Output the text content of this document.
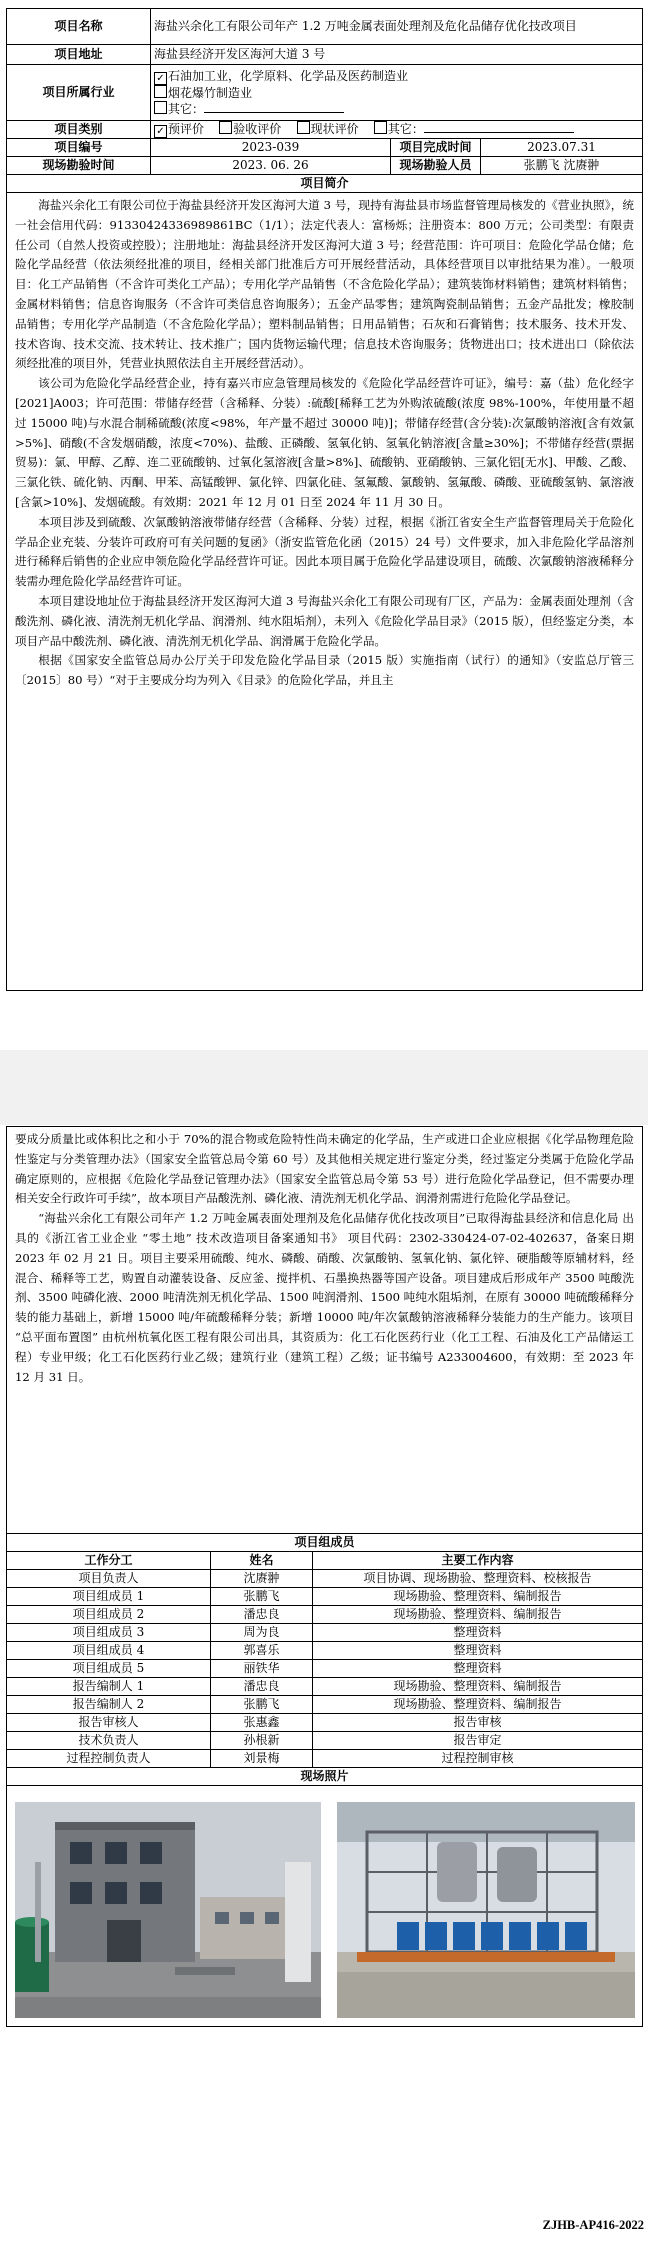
项目名称	海盐兴余化工有限公司年产 1.2 万吨金属表面处理剂及危化品储存优化技改项目		
项目地址	海盐县经济开发区海河大道 3 号		
项目所属行业	✓ 石油加工业，化学原料、化学品及医药制造业
烟花爆竹制造业
其它：		

项目类别	✓ 预评价 验收评价 现状评价 其它：		
项目编号	2023-039	项目完成时间	2023.07.31
现场勘验时间	2023. 06. 26	现场勘验人员	张鹏飞 沈赓翀
项目简介			

海盐兴余化工有限公司位于海盐县经济开发区海河大道 3 号，现持有海盐县市场监督管理局核发的《营业执照》，统一社会信用代码：91330424336989861BC（1/1）；法定代表人：富杨烁；注册资本：800 万元；公司类型：有限责任公司（自然人投资或控股）；注册地址：海盐县经济开发区海河大道 3 号；经营范围：许可项目：危险化学品仓储；危险化学品经营（依法须经批准的项目，经相关部门批准后方可开展经营活动，具体经营项目以审批结果为准）。一般项目：化工产品销售（不含许可类化工产品）；专用化学产品销售（不含危险化学品）；建筑装饰材料销售；建筑材料销售；金属材料销售；信息咨询服务（不含许可类信息咨询服务）；五金产品零售；建筑陶瓷制品销售；五金产品批发；橡胶制品销售；专用化学产品制造（不含危险化学品）；塑料制品销售；日用品销售；石灰和石膏销售；技术服务、技术开发、技术咨询、技术交流、技术转让、技术推广；国内货物运输代理；信息技术咨询服务；货物进出口；技术进出口（除依法须经批准的项目外，凭营业执照依法自主开展经营活动）。

该公司为危险化学品经营企业，持有嘉兴市应急管理局核发的《危险化学品经营许可证》，编号：嘉（盐）危化经字[2021]A003；许可范围：带储存经营（含稀释、分装）:硫酸[稀释工艺为外购浓硫酸(浓度 98%-100%，年使用量不超过 15000 吨)与水混合制稀硫酸(浓度<98%，年产量不超过 30000 吨)]；带储存经营(含分装):次氯酸钠溶液[含有效氯>5%]、硝酸(不含发烟硝酸，浓度<70%)、盐酸、正磷酸、氢氧化钠、氢氧化钠溶液[含量≥30%]；不带储存经营(票据贸易)：氯、甲醇、乙醇、连二亚硫酸钠、过氧化氢溶液[含量>8%]、硫酸钠、亚硝酸钠、三氯化铝[无水]、甲酸、乙酸、三氯化铁、硫化钠、丙酮、甲苯、高锰酸钾、氯化锌、四氯化硅、氢氟酸、氯酸钠、氢氟酸、磷酸、亚硫酸氢钠、氯溶液[含氯>10%]、发烟硫酸。有效期：2021 年 12 月 01 日至 2024 年 11 月 30 日。

本项目涉及到硫酸、次氯酸钠溶液带储存经营（含稀释、分装）过程，根据《浙江省安全生产监督管理局关于危险化学品企业充装、分装许可政府可有关问题的复函》（浙安监管危化函（2015）24 号）文件要求，加入非危险化学品溶剂进行稀释后销售的企业应申领危险化学品经营许可证。因此本项目属于危险化学品建设项目，硫酸、次氯酸钠溶液稀释分装需办理危险化学品经营许可证。

本项目建设地址位于海盐县经济开发区海河大道 3 号海盐兴余化工有限公司现有厂区，产品为：金属表面处理剂（含酸洗剂、磷化液、清洗剂无机化学品、润滑剂、纯水阻垢剂），未列入《危险化学品目录》（2015 版），但经鉴定分类，本项目产品中酸洗剂、磷化液、清洗剂无机化学品、润滑属于危险化学品。

根据《国家安全监管总局办公厅关于印发危险化学品目录（2015 版）实施指南（试行）的通知》（安监总厅管三〔2015〕80 号）“对于主要成分均为列入《目录》的危险化学品，并且主			

要成分质量比或体积比之和小于 70%的混合物或危险特性尚未确定的化学品，生产或进口企业应根据《化学品物理危险性鉴定与分类管理办法》（国家安全监管总局令第 60 号）及其他相关规定进行鉴定分类，经过鉴定分类属于危险化学品确定原则的，应根据《危险化学品登记管理办法》（国家安全监管总局令第 53 号）进行危险化学品登记，但不需要办理相关安全行政许可手续”，故本项目产品酸洗剂、磷化液、清洗剂无机化学品、润滑剂需进行危险化学品登记。

“海盐兴余化工有限公司年产 1.2 万吨金属表面处理剂及危化品储存优化技改项目”已取得海盐县经济和信息化局 出具的《浙江省工业企业 “零土地” 技术改造项目备案通知书》 项目代码：2302-330424-07-02-402637，备案日期 2023 年 02 月 21 日。项目主要采用硫酸、纯水、磷酸、硝酸、次氯酸钠、氢氧化钠、氯化锌、硬脂酸等原辅材料，经混合、稀释等工艺，购置自动灌装设备、反应釜、搅拌机、石墨换热器等国产设备。项目建成后形成年产 3500 吨酸洗剂、3500 吨磷化液、2000 吨清洗剂无机化学品、1500 吨润滑剂、1500 吨纯水阻垢剂，在原有 30000 吨硫酸稀释分装的能力基础上，新增 15000 吨/年硫酸稀释分装；新增 10000 吨/年次氯酸钠溶液稀释分装能力的生产能力。该项目 “总平面布置图” 由杭州杭氧化医工程有限公司出具，其资质为：化工石化医药行业（化工工程、石油及化工产品储运工程）专业甲级；化工石化医药行业乙级；建筑行业（建筑工程）乙级；证书编号 A233004600，有效期：至 2023 年 12 月 31 日。		

项目组成员		
工作分工	姓名	主要工作内容
项目负责人	沈赓翀	项目协调、现场勘验、整理资料、校核报告
项目组成员 1	张鹏飞	现场勘验、整理资料、编制报告
项目组成员 2	潘忠良	现场勘验、整理资料、编制报告
项目组成员 3	周为良	整理资料
项目组成员 4	郭喜乐	整理资料
项目组成员 5	丽铁华	整理资料
报告编制人 1	潘忠良	现场勘验、整理资料、编制报告
报告编制人 2	张鹏飞	现场勘验、整理资料、编制报告
报告审核人	张惠鑫	报告审核
技术负责人	孙根新	报告审定
过程控制负责人	刘景梅	过程控制审核
现场照片		

ZJHB-AP416-2022
